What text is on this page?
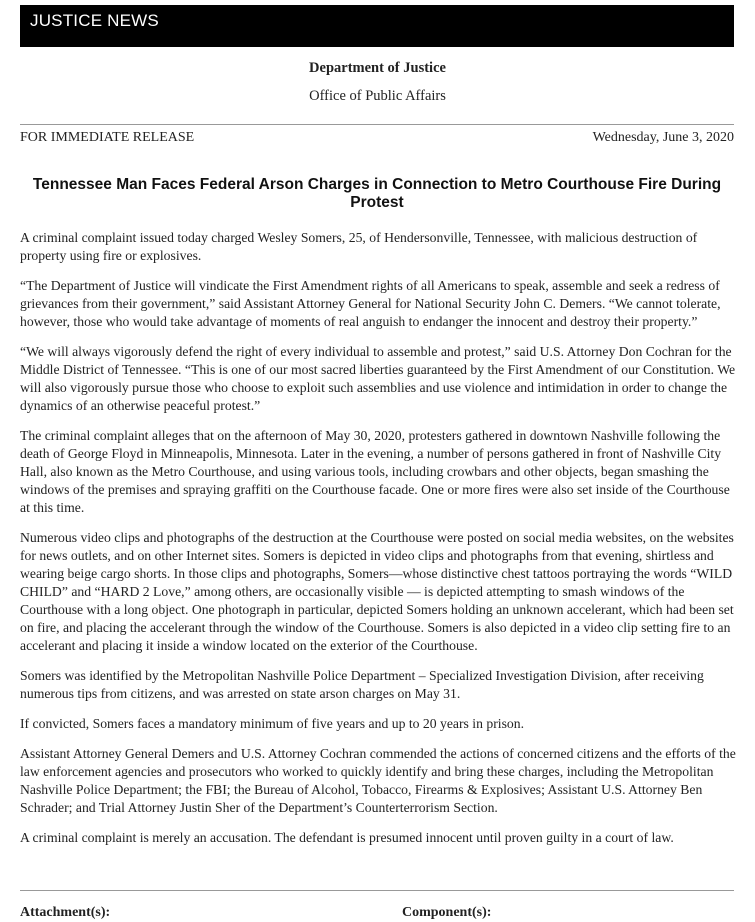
JUSTICE NEWS
Department of Justice
Office of Public Affairs
FOR IMMEDIATE RELEASE	Wednesday, June 3, 2020
Tennessee Man Faces Federal Arson Charges in Connection to Metro Courthouse Fire During Protest

A criminal complaint issued today charged Wesley Somers, 25, of Hendersonville, Tennessee, with malicious destruction of property using fire or explosives.

“The Department of Justice will vindicate the First Amendment rights of all Americans to speak, assemble and seek a redress of grievances from their government,” said Assistant Attorney General for National Security John C. Demers. “We cannot tolerate, however, those who would take advantage of moments of real anguish to endanger the innocent and destroy their property.”

“We will always vigorously defend the right of every individual to assemble and protest,” said U.S. Attorney Don Cochran for the Middle District of Tennessee. “This is one of our most sacred liberties guaranteed by the First Amendment of our Constitution. We will also vigorously pursue those who choose to exploit such assemblies and use violence and intimidation in order to change the dynamics of an otherwise peaceful protest.”

The criminal complaint alleges that on the afternoon of May 30, 2020, protesters gathered in downtown Nashville following the death of George Floyd in Minneapolis, Minnesota. Later in the evening, a number of persons gathered in front of Nashville City Hall, also known as the Metro Courthouse, and using various tools, including crowbars and other objects, began smashing the windows of the premises and spraying graffiti on the Courthouse facade. One or more fires were also set inside of the Courthouse at this time.

Numerous video clips and photographs of the destruction at the Courthouse were posted on social media websites, on the websites for news outlets, and on other Internet sites. Somers is depicted in video clips and photographs from that evening, shirtless and wearing beige cargo shorts. In those clips and photographs, Somers—whose distinctive chest tattoos portraying the words “WILD CHILD” and “HARD 2 Love,” among others, are occasionally visible — is depicted attempting to smash windows of the Courthouse with a long object. One photograph in particular, depicted Somers holding an unknown accelerant, which had been set on fire, and placing the accelerant through the window of the Courthouse. Somers is also depicted in a video clip setting fire to an accelerant and placing it inside a window located on the exterior of the Courthouse.

Somers was identified by the Metropolitan Nashville Police Department – Specialized Investigation Division, after receiving numerous tips from citizens, and was arrested on state arson charges on May 31.

If convicted, Somers faces a mandatory minimum of five years and up to 20 years in prison.

Assistant Attorney General Demers and U.S. Attorney Cochran commended the actions of concerned citizens and the efforts of the law enforcement agencies and prosecutors who worked to quickly identify and bring these charges, including the Metropolitan Nashville Police Department; the FBI; the Bureau of Alcohol, Tobacco, Firearms & Explosives; Assistant U.S. Attorney Ben Schrader; and Trial Attorney Justin Sher of the Department’s Counterterrorism Section.

A criminal complaint is merely an accusation. The defendant is presumed innocent until proven guilty in a court of law.

Attachment(s):	Component(s):
